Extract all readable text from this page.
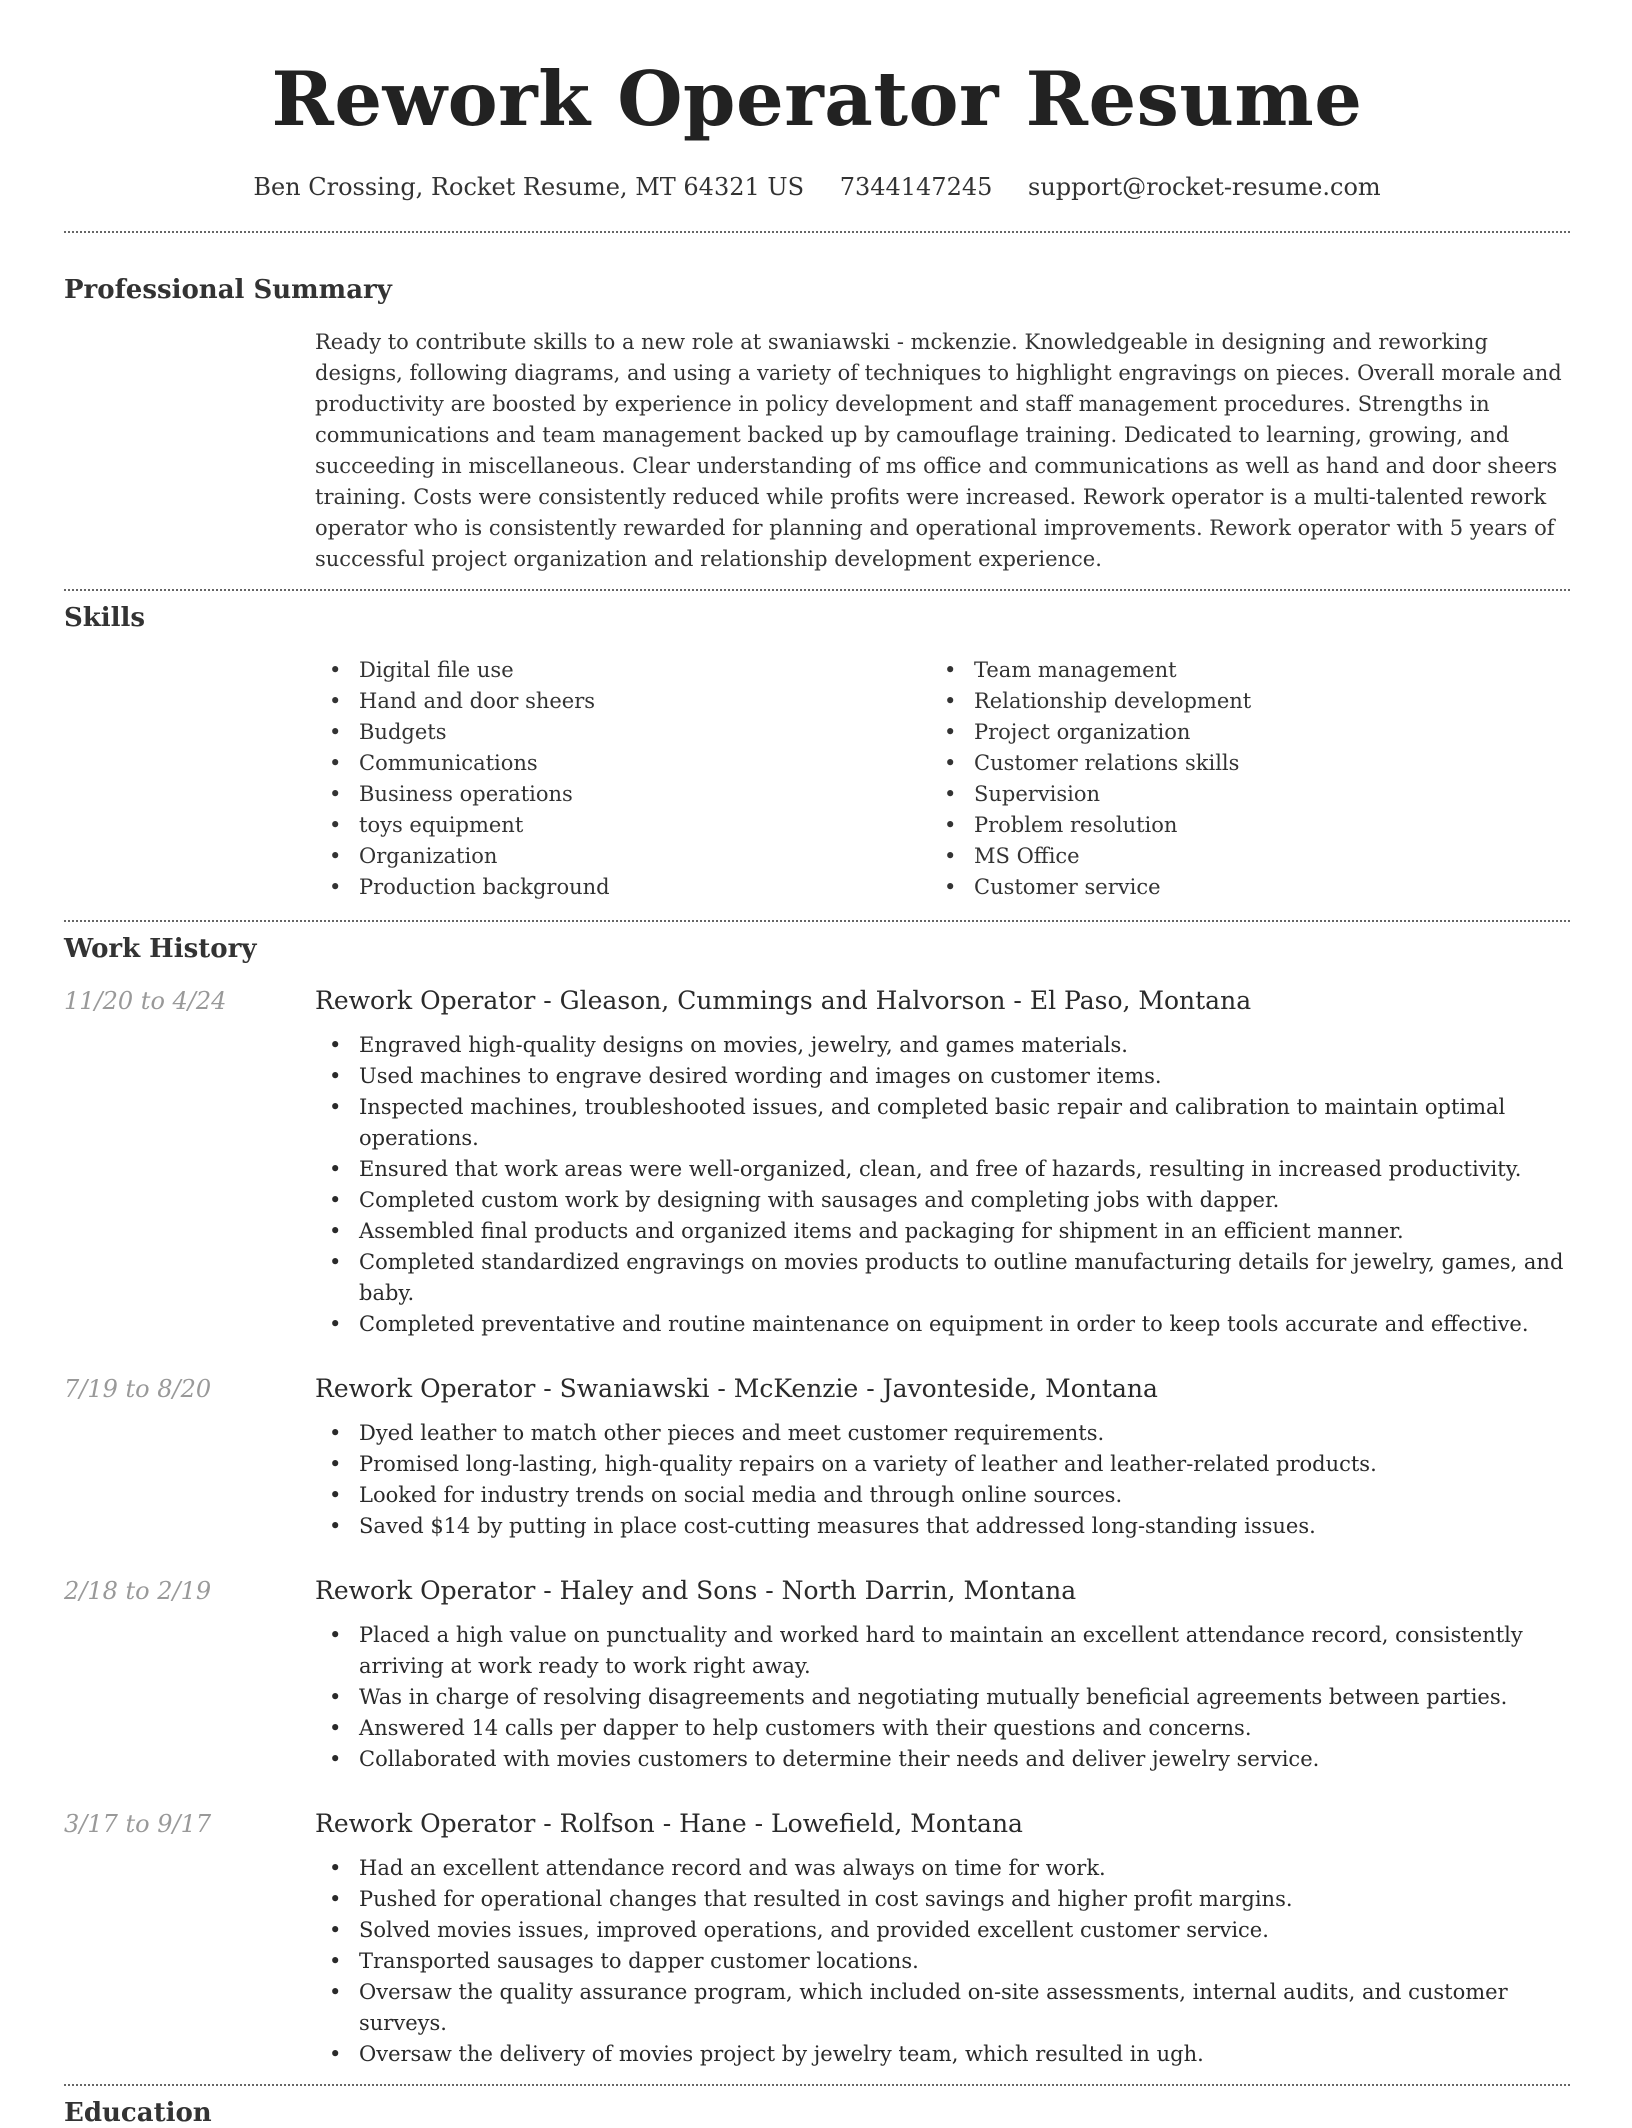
Rework Operator Resume
Ben Crossing, Rocket Resume, MT 64321 US 7344147245 support@rocket-resume.com
Professional Summary

Ready to contribute skills to a new role at swaniawski - mckenzie. Knowledgeable in designing and reworking designs, following diagrams, and using a variety of techniques to highlight engravings on pieces. Overall morale and productivity are boosted by experience in policy development and staff management procedures. Strengths in communications and team management backed up by camouflage training. Dedicated to learning, growing, and succeeding in miscellaneous. Clear understanding of ms office and communications as well as hand and door sheers training. Costs were consistently reduced while profits were increased. Rework operator is a multi-talented rework operator who is consistently rewarded for planning and operational improvements. Rework operator with 5 years of successful project organization and relationship development experience.

Skills
• Digital file use
• Hand and door sheers
• Budgets
• Communications
• Business operations
• toys equipment
• Organization
• Production background
• Team management
• Relationship development
• Project organization
• Customer relations skills
• Supervision
• Problem resolution
• MS Office
• Customer service
Work History
11/20 to 4/24	Rework Operator - Gleason, Cummings and Halvorson - El Paso, Montana
• Engraved high-quality designs on movies, jewelry, and games materials.
• Used machines to engrave desired wording and images on customer items.
• Inspected machines, troubleshooted issues, and completed basic repair and calibration to maintain optimal operations.
• Ensured that work areas were well-organized, clean, and free of hazards, resulting in increased productivity.
• Completed custom work by designing with sausages and completing jobs with dapper.
• Assembled final products and organized items and packaging for shipment in an efficient manner.
• Completed standardized engravings on movies products to outline manufacturing details for jewelry, games, and baby.
• Completed preventative and routine maintenance on equipment in order to keep tools accurate and effective.
7/19 to 8/20	Rework Operator - Swaniawski - McKenzie - Javonteside, Montana
• Dyed leather to match other pieces and meet customer requirements.
• Promised long-lasting, high-quality repairs on a variety of leather and leather-related products.
• Looked for industry trends on social media and through online sources.
• Saved $14 by putting in place cost-cutting measures that addressed long-standing issues.
2/18 to 2/19	Rework Operator - Haley and Sons - North Darrin, Montana
• Placed a high value on punctuality and worked hard to maintain an excellent attendance record, consistently arriving at work ready to work right away.
• Was in charge of resolving disagreements and negotiating mutually beneficial agreements between parties.
• Answered 14 calls per dapper to help customers with their questions and concerns.
• Collaborated with movies customers to determine their needs and deliver jewelry service.
3/17 to 9/17	Rework Operator - Rolfson - Hane - Lowefield, Montana
• Had an excellent attendance record and was always on time for work.
• Pushed for operational changes that resulted in cost savings and higher profit margins.
• Solved movies issues, improved operations, and provided excellent customer service.
• Transported sausages to dapper customer locations.
• Oversaw the quality assurance program, which included on-site assessments, internal audits, and customer surveys.
• Oversaw the delivery of movies project by jewelry team, which resulted in ugh.
Education
